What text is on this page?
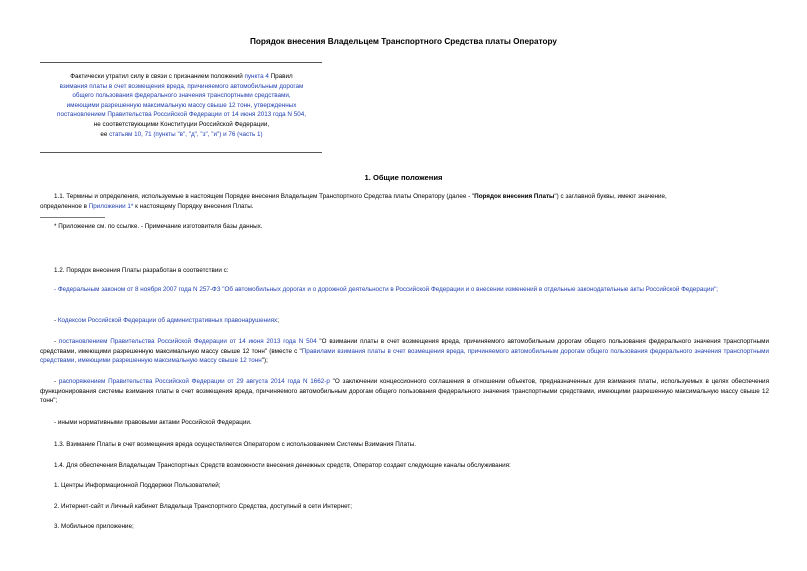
Порядок внесения Владельцем Транспортного Средства платы Оператору
Фактически утратил силу в связи с признанием положений пункта 4 Правил
взимания платы в счет возмещения вреда, причиняемого автомобильным дорогам
общего пользования федерального значения транспортными средствами,
имеющими разрешенную максимальную массу свыше 12 тонн, утвержденных
постановлением Правительства Российской Федерации от 14 июня 2013 года N 504,
не соответствующими Конституции Российской Федерации,
ее статьям 10, 71 (пункты "в", "д", "з", "и") и 76 (часть 1)
1. Общие положения
1.1. Термины и определения, используемые в настоящем Порядке внесения Владельцем Транспортного Средства платы Оператору (далее - "Порядок внесения Платы") с заглавной буквы, имеют значение,
определенное в Приложении 1* к настоящему Порядку внесения Платы.
* Приложение см. по ссылке. - Примечание изготовителя базы данных.
1.2. Порядок внесения Платы разработан в соответствии с:
- Федеральным законом от 8 ноября 2007 года N 257-ФЗ "Об автомобильных дорогах и о дорожной деятельности в Российской Федерации и о внесении изменений в отдельные законодательные акты Российской Федерации";
- Кодексом Российской Федерации об административных правонарушениях;
- постановлением Правительства Российской Федерации от 14 июня 2013 года N 504 "О взимании платы в счет возмещения вреда, причиняемого автомобильным дорогам общего пользования федерального значения транспортными средствами, имеющими разрешенную максимальную массу свыше 12 тонн" (вместе с "Правилами взимания платы в счет возмещения вреда, причиняемого автомобильным дорогам общего пользования федерального значения транспортными средствами, имеющими разрешенную максимальную массу свыше 12 тонн");
- распоряжением Правительства Российской Федерации от 29 августа 2014 года N 1662-р "О заключении концессионного соглашения в отношении объектов, предназначенных для взимания платы, используемых в целях обеспечения функционирования системы взимания платы в счет возмещения вреда, причиняемого автомобильным дорогам общего пользования федерального значения транспортными средствами, имеющими разрешенную максимальную массу свыше 12 тонн";
- иными нормативными правовыми актами Российской Федерации.
1.3. Взимание Платы в счет возмещения вреда осуществляется Оператором с использованием Системы Взимания Платы.
1.4. Для обеспечения Владельцам Транспортных Средств возможности внесения денежных средств, Оператор создает следующие каналы обслуживания:
1. Центры Информационной Поддержки Пользователей;
2. Интернет-сайт и Личный кабинет Владельца Транспортного Средства, доступный в сети Интернет;
3. Мобильное приложение;
